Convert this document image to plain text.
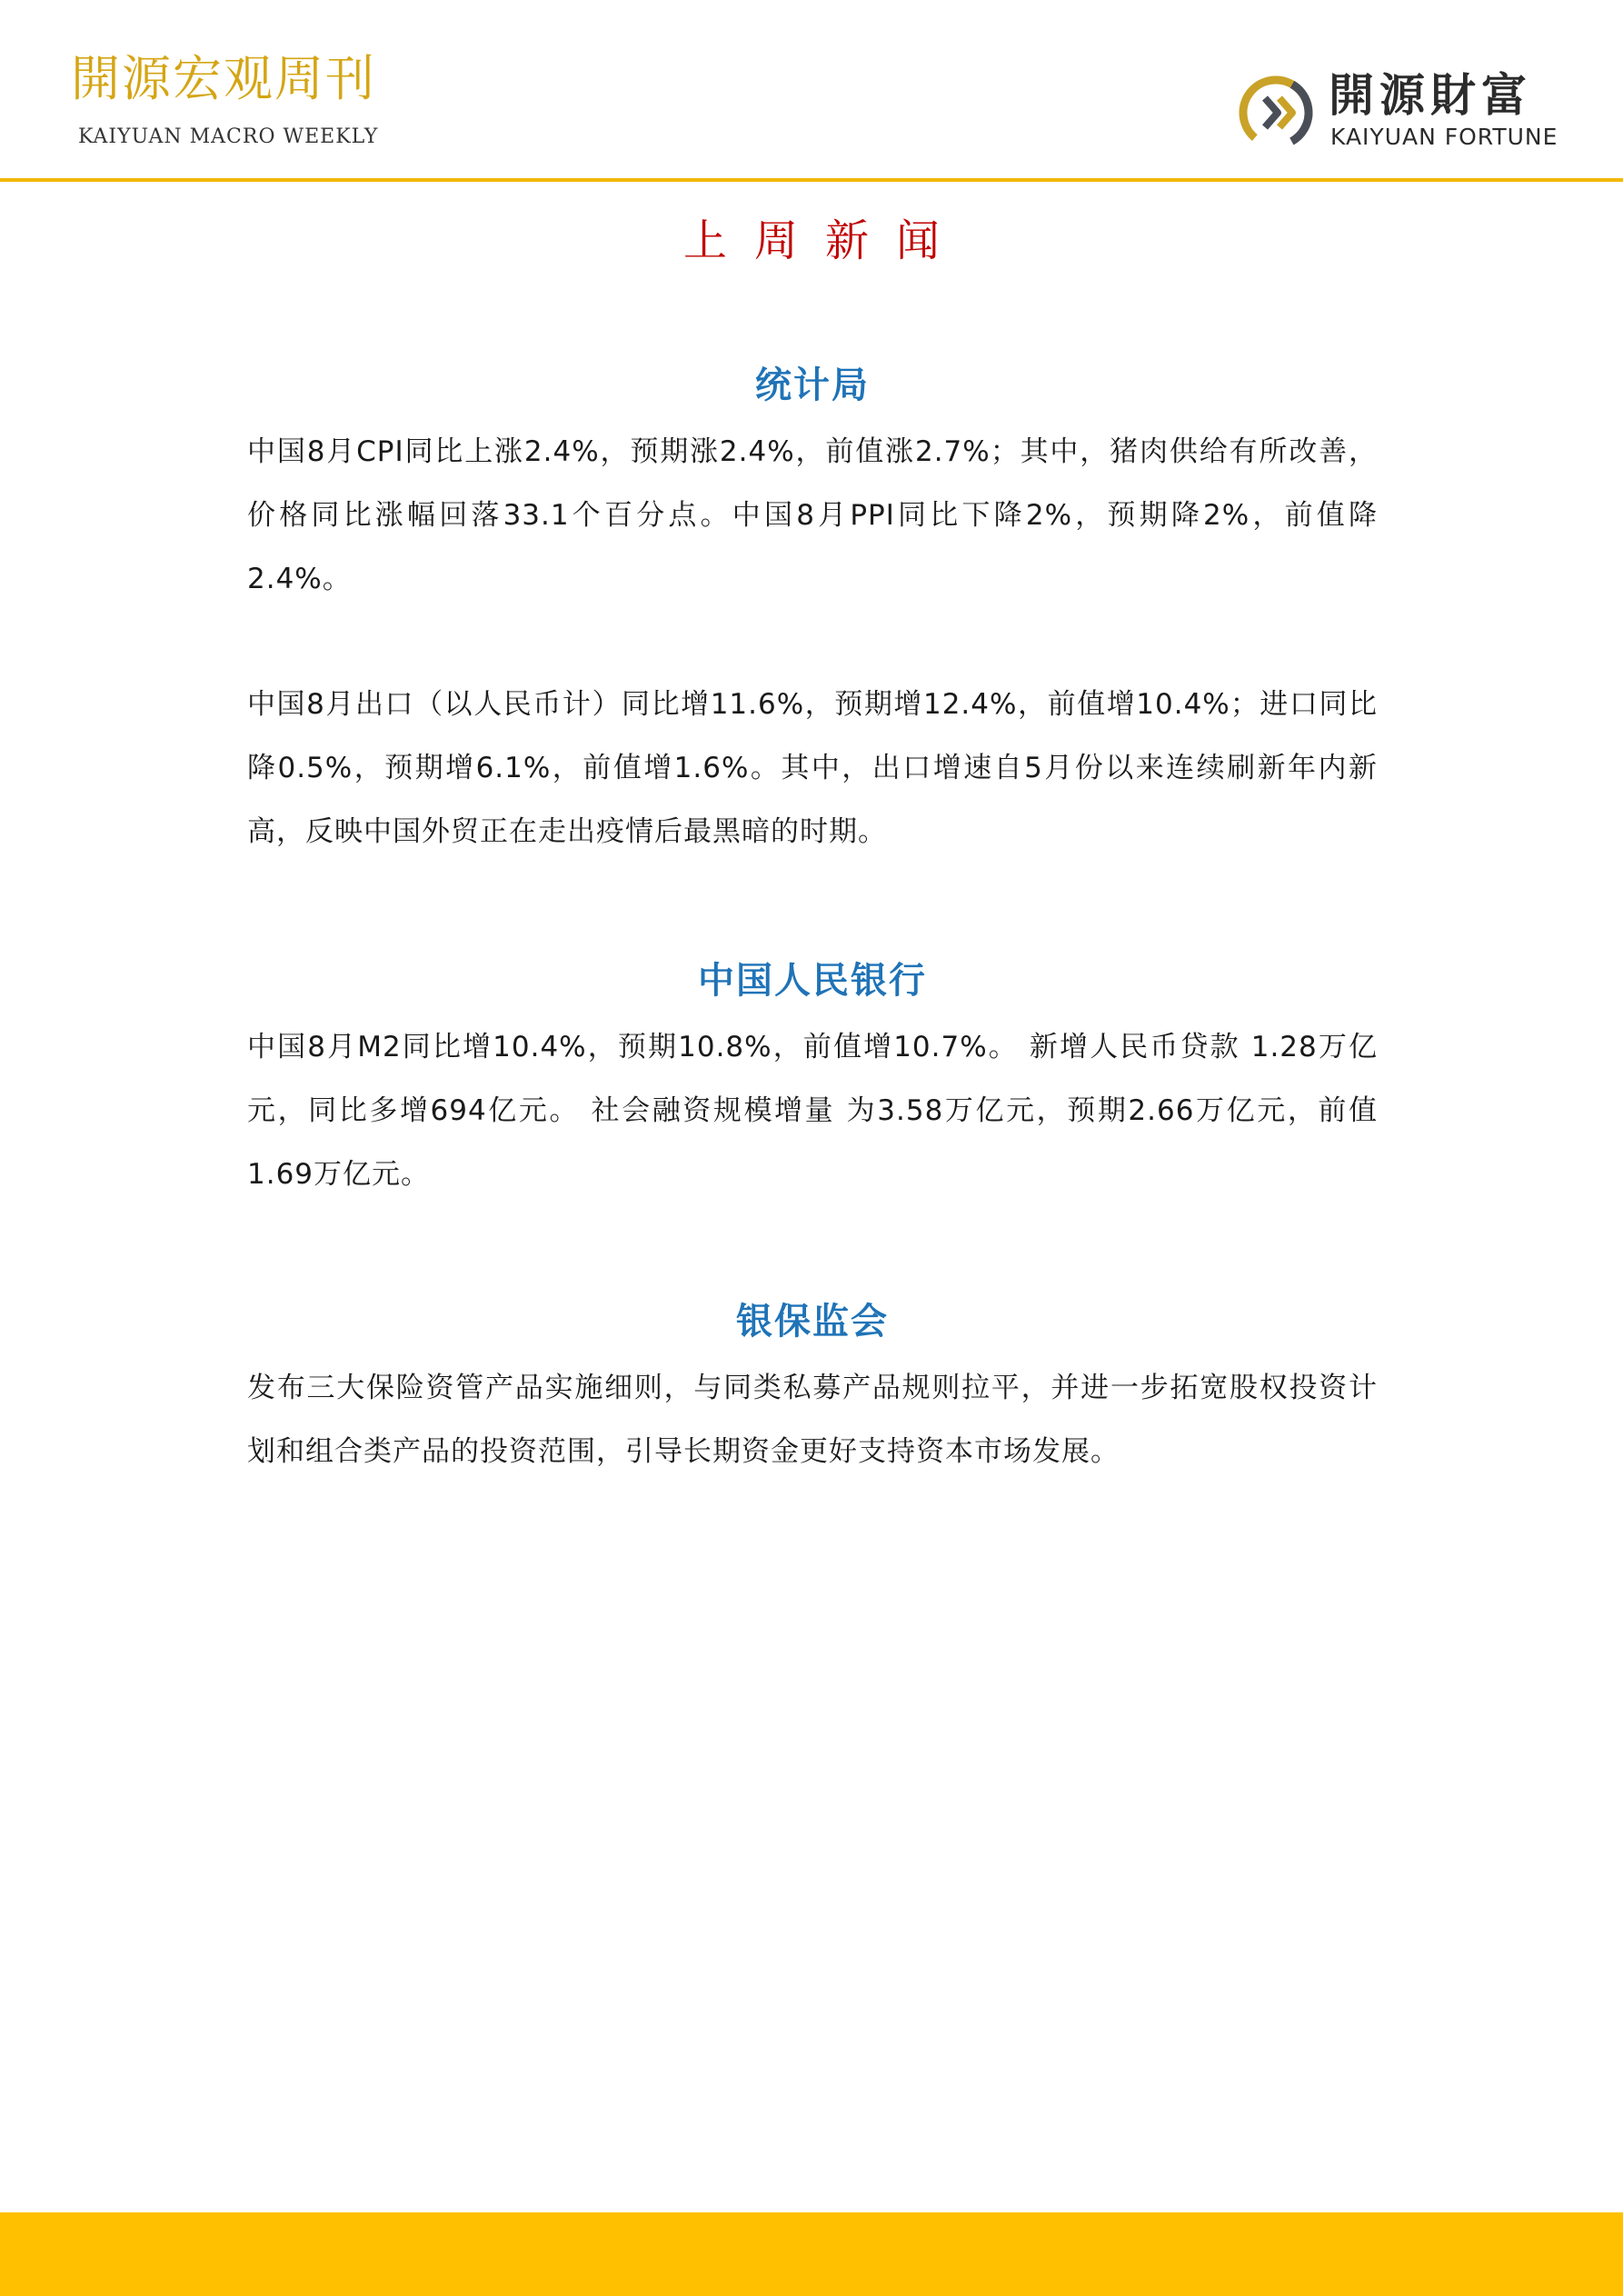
開源宏观周刊
KAIYUAN MACRO WEEKLY
開源財富
KAIYUAN FORTUNE
上周新闻
统计局

中国8月CPI同比上涨2.4%，预期涨2.4%，前值涨2.7%；其中，猪肉供给有所改善，价格同比涨幅回落33.1个百分点。中国8月PPI同比下降2%，预期降2%，前值降2.4%。

中国8月出口（以人民币计）同比增11.6%，预期增12.4%，前值增10.4%；进口同比降0.5%，预期增6.1%，前值增1.6%。其中，出口增速自5月份以来连续刷新年内新高，反映中国外贸正在走出疫情后最黑暗的时期。

中国人民银行

中国8月M2同比增10.4%，预期10.8%，前值增10.7%。 新增人民币贷款 1.28万亿元，同比多增694亿元。 社会融资规模增量 为3.58万亿元，预期2.66万亿元，前值1.69万亿元。

银保监会

发布三大保险资管产品实施细则，与同类私募产品规则拉平，并进一步拓宽股权投资计划和组合类产品的投资范围，引导长期资金更好支持资本市场发展。
